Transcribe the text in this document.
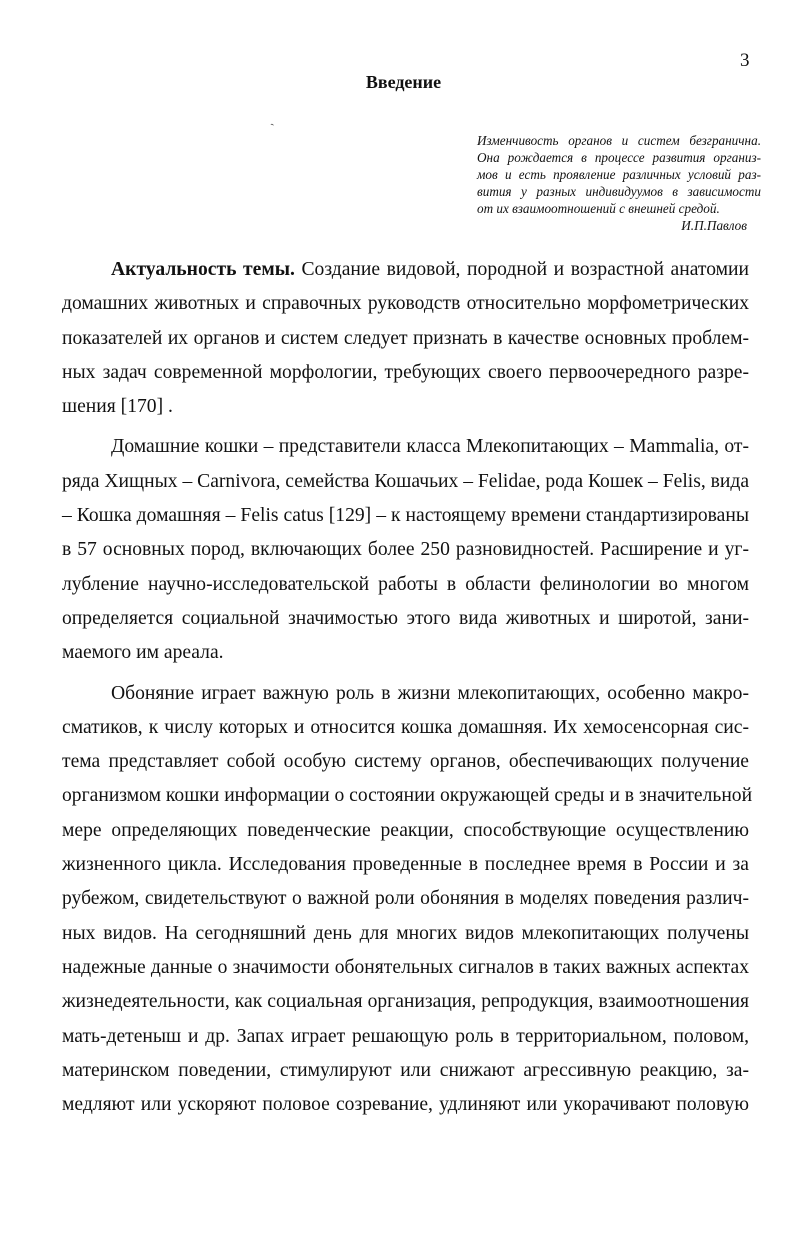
3
Введение
`
Изменчивость органов и систем безгранична.
Она рождается в процессе развития организ-
мов и есть проявление различных условий раз-
вития у разных индивидуумов в зависимости
от их взаимоотношений с внешней средой.
И.П.Павлов
Актуальность темы. Создание видовой, породной и возрастной анатомии
домашних животных и справочных руководств относительно морфометрических
показателей их органов и систем следует признать в качестве основных проблем-
ных задач современной морфологии, требующих своего первоочередного разре-
шения [170] .
Домашние кошки – представители класса Млекопитающих – Mammalia, от-
ряда Хищных – Carnivora, семейства Кошачьих – Felidae, рода Кошек – Felis, вида
– Кошка домашняя – Felis catus [129] – к настоящему времени стандартизированы
в 57 основных пород, включающих более 250 разновидностей. Расширение и уг-
лубление научно-исследовательской работы в области фелинологии во многом
определяется социальной значимостью этого вида животных и широтой, зани-
маемого им ареала.
Обоняние играет важную роль в жизни млекопитающих, особенно макро-
сматиков, к числу которых и относится кошка домашняя. Их хемосенсорная сис-
тема представляет собой особую систему органов, обеспечивающих получение
организмом кошки информации о состоянии окружающей среды и в значительной
мере определяющих поведенческие реакции, способствующие осуществлению
жизненного цикла. Исследования проведенные в последнее время в России и за
рубежом, свидетельствуют о важной роли обоняния в моделях поведения различ-
ных видов. На сегодняшний день для многих видов млекопитающих получены
надежные данные о значимости обонятельных сигналов в таких важных аспектах
жизнедеятельности, как социальная организация, репродукция, взаимоотношения
мать-детеныш и др. Запах играет решающую роль в территориальном, половом,
материнском поведении, стимулируют или снижают агрессивную реакцию, за-
медляют или ускоряют половое созревание, удлиняют или укорачивают половую
